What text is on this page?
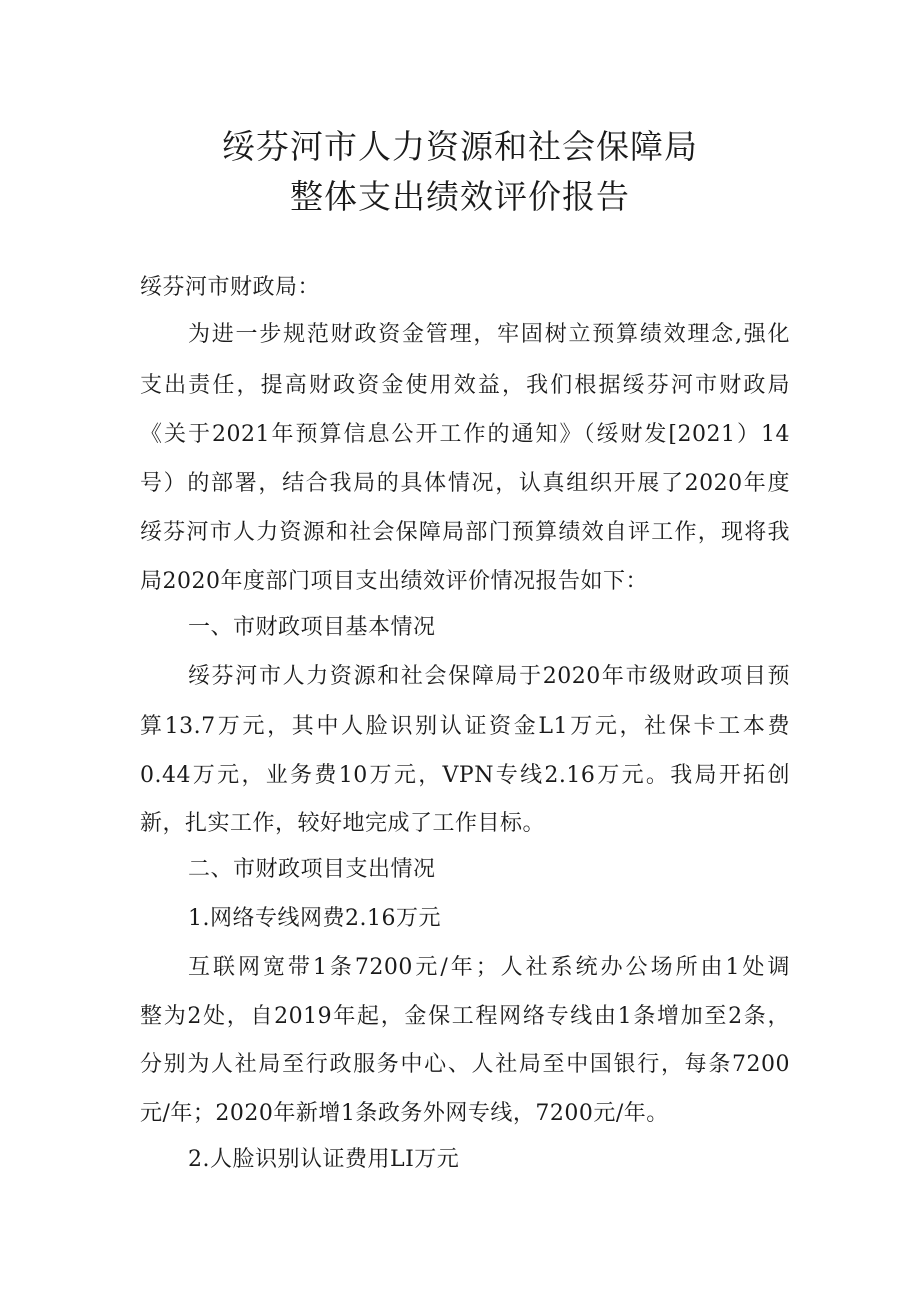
绥芬河市人力资源和社会保障局
整体支出绩效评价报告
绥芬河市财政局：
为进一步规范财政资金管理，牢固树立预算绩效理念,强化
支出责任，提高财政资金使用效益，我们根据绥芬河市财政局
《关于2021年预算信息公开工作的通知》（绥财发[2021）14
号）的部署，结合我局的具体情况，认真组织开展了2020年度
绥芬河市人力资源和社会保障局部门预算绩效自评工作，现将我
局2020年度部门项目支出绩效评价情况报告如下：
一、市财政项目基本情况
绥芬河市人力资源和社会保障局于2020年市级财政项目预
算13.7万元，其中人脸识别认证资金L1万元，社保卡工本费
0.44万元，业务费10万元，VPN专线2.16万元。我局开拓创
新，扎实工作，较好地完成了工作目标。
二、市财政项目支出情况
1.网络专线网费2.16万元
互联网宽带1条7200元/年；人社系统办公场所由1处调
整为2处，自2019年起，金保工程网络专线由1条增加至2条，
分别为人社局至行政服务中心、人社局至中国银行，每条7200
元/年；2020年新增1条政务外网专线，7200元/年。
2.人脸识别认证费用LI万元
